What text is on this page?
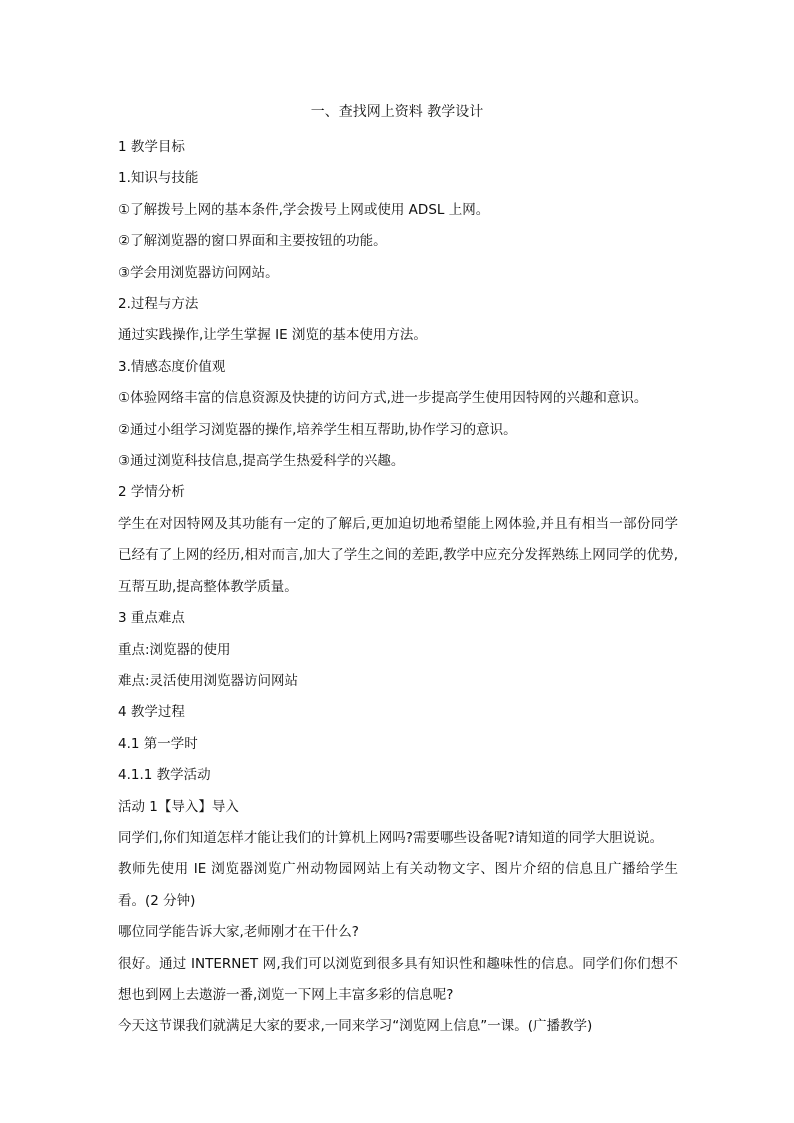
一、查找网上资料 教学设计

1 教学目标

1.知识与技能

①了解拨号上网的基本条件,学会拨号上网或使用 ADSL 上网。

②了解浏览器的窗口界面和主要按钮的功能。

③学会用浏览器访问网站。

2.过程与方法

通过实践操作,让学生掌握 IE 浏览的基本使用方法。

3.情感态度价值观

①体验网络丰富的信息资源及快捷的访问方式,进一步提高学生使用因特网的兴趣和意识。

②通过小组学习浏览器的操作,培养学生相互帮助,协作学习的意识。

③通过浏览科技信息,提高学生热爱科学的兴趣。

2 学情分析

学生在对因特网及其功能有一定的了解后,更加迫切地希望能上网体验,并且有相当一部份同学已经有了上网的经历,相对而言,加大了学生之间的差距,教学中应充分发挥熟练上网同学的优势,互帮互助,提高整体教学质量。

3 重点难点

重点:浏览器的使用

难点:灵活使用浏览器访问网站

4 教学过程

4.1 第一学时

4.1.1 教学活动

活动 1【导入】导入

同学们,你们知道怎样才能让我们的计算机上网吗?需要哪些设备呢?请知道的同学大胆说说。

教师先使用 IE 浏览器浏览广州动物园网站上有关动物文字、图片介绍的信息且广播给学生看。(2 分钟)

哪位同学能告诉大家,老师刚才在干什么?

很好。通过 INTERNET 网,我们可以浏览到很多具有知识性和趣味性的信息。同学们你们想不想也到网上去遨游一番,浏览一下网上丰富多彩的信息呢?

今天这节课我们就满足大家的要求,一同来学习“浏览网上信息”一课。(广播教学)
